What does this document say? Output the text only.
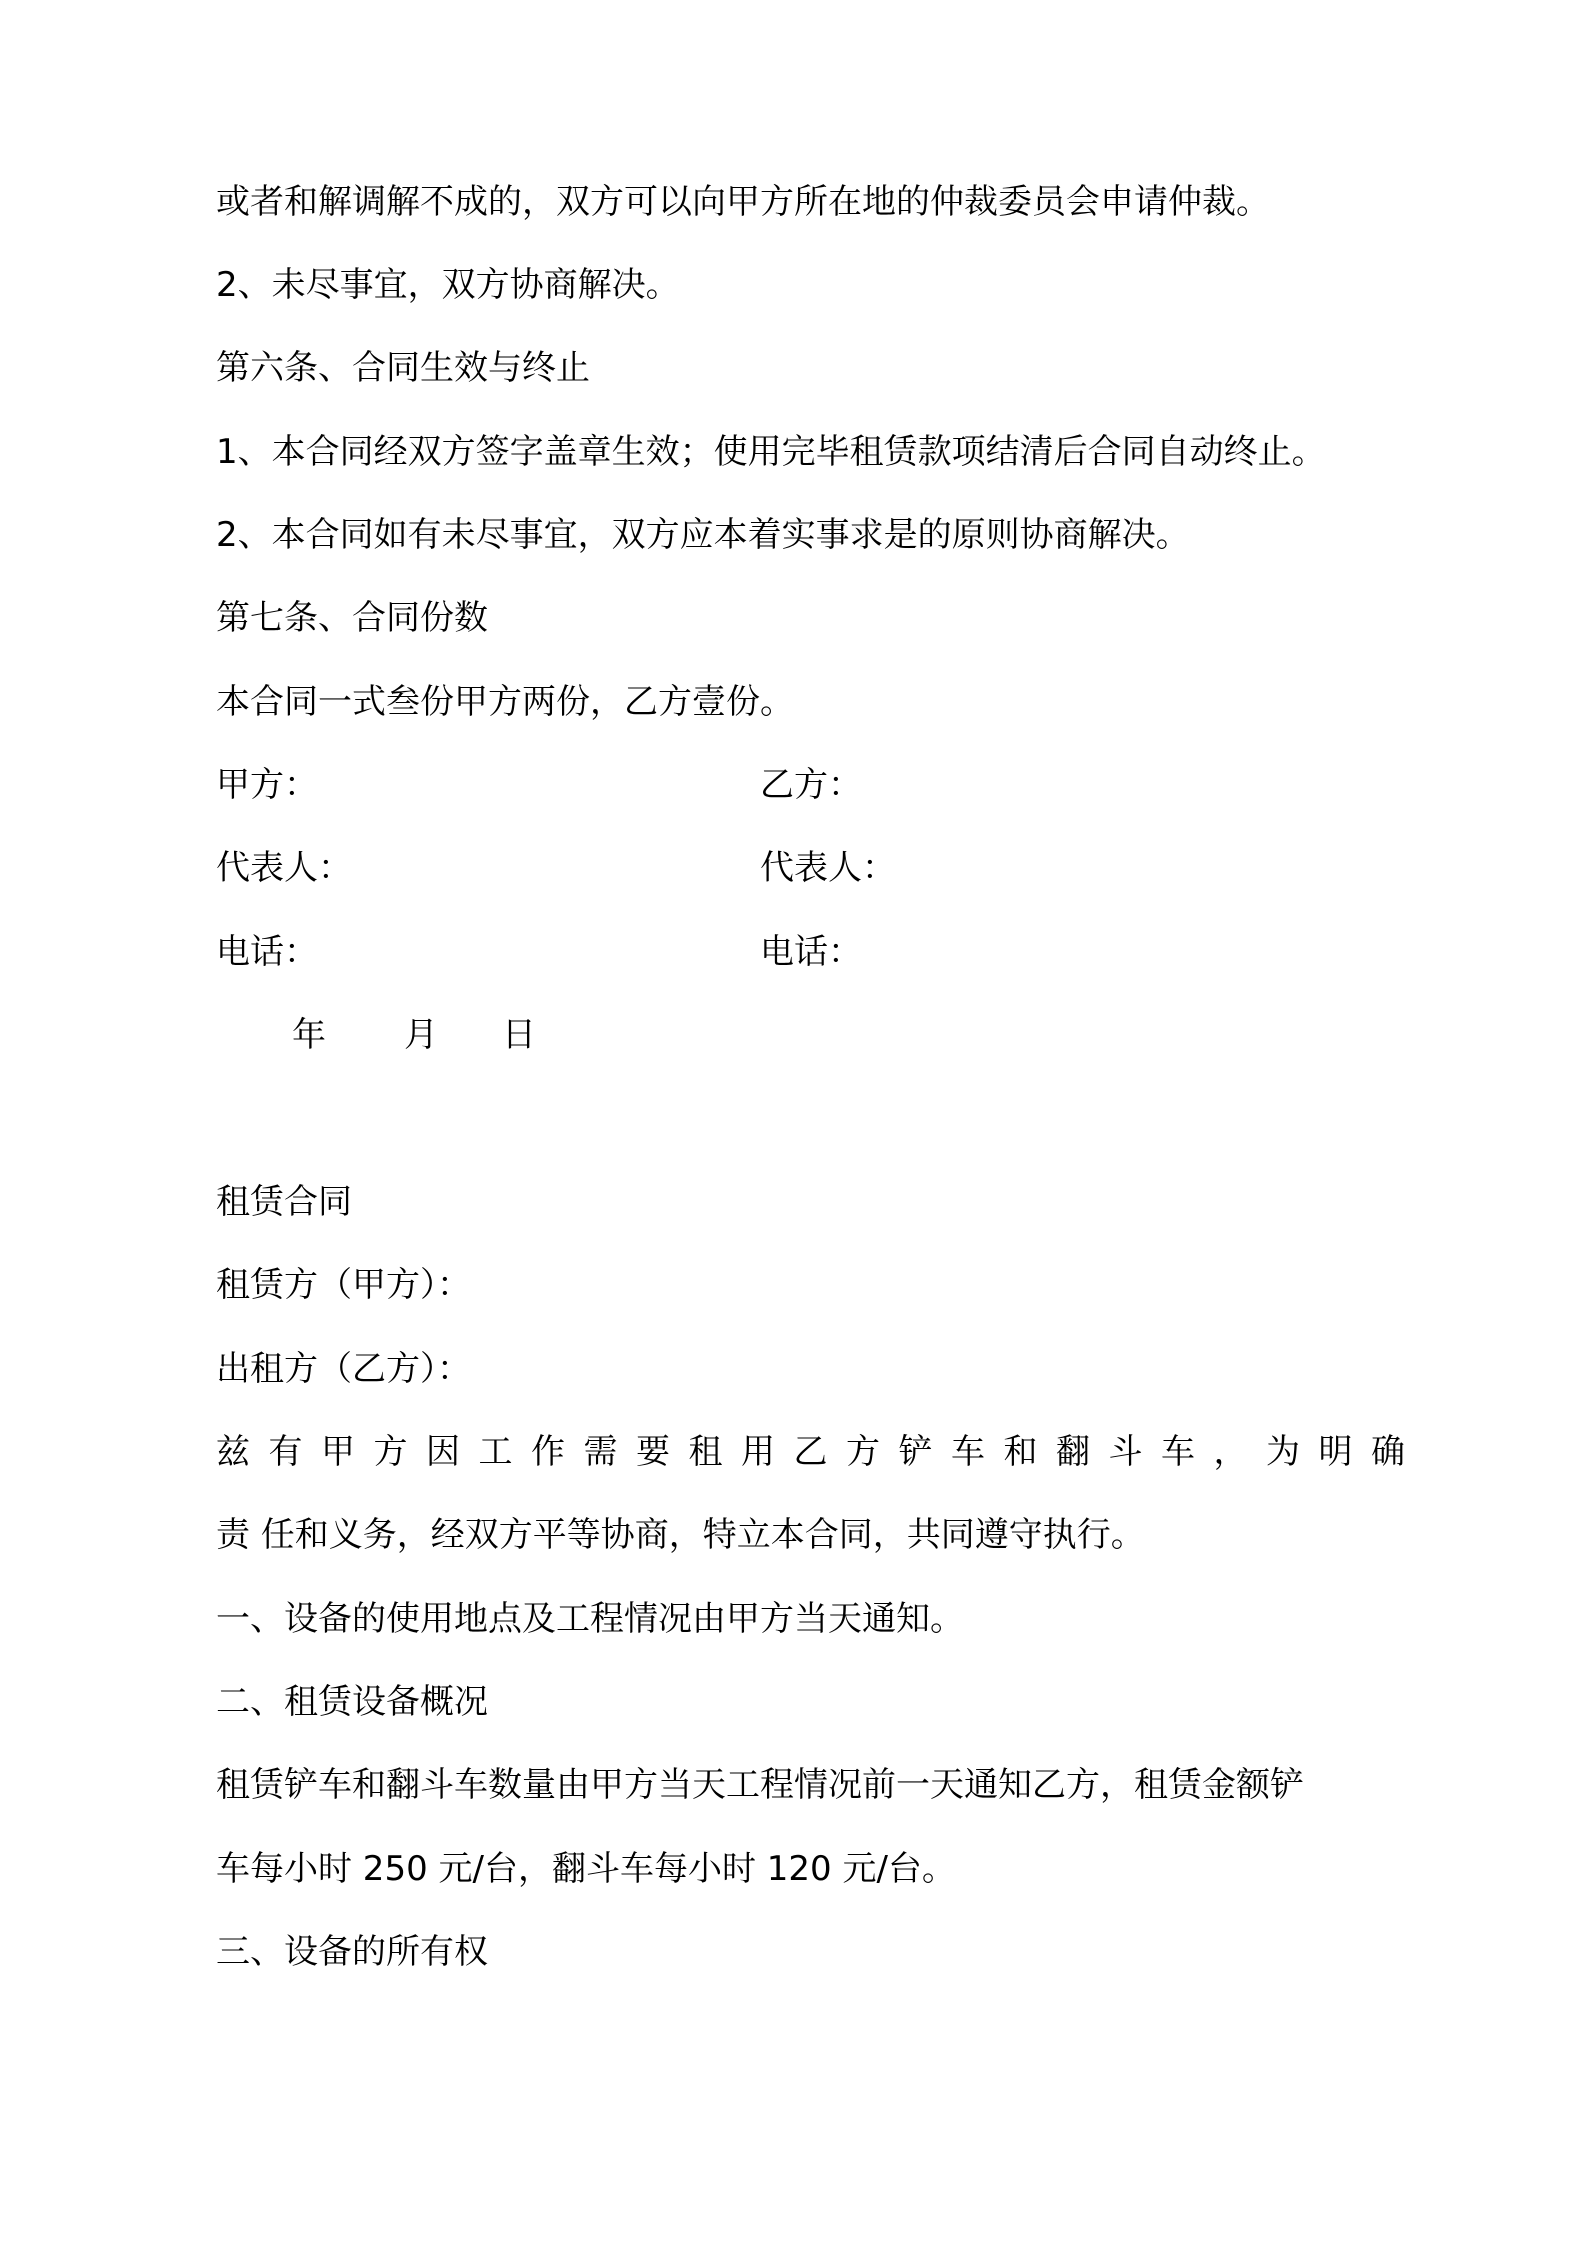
或者和解调解不成的，双方可以向甲方所在地的仲裁委员会申请仲裁。
2、未尽事宜，双方协商解决。
第六条、合同生效与终止
1、本合同经双方签字盖章生效；使用完毕租赁款项结清后合同自动终止。
2、本合同如有未尽事宜，双方应本着实事求是的原则协商解决。
第七条、合同份数
本合同一式叁份甲方两份，乙方壹份。
甲方：	乙方：
代表人：	代表人：
电话：	电话：
年 月 日
租赁合同
租赁方（甲方）：
出租方（乙方）：
兹有甲方因工作需要租用乙方铲车和翻斗车，为明确
责 任和义务，经双方平等协商，特立本合同，共同遵守执行。
一、设备的使用地点及工程情况由甲方当天通知。
二、租赁设备概况
租赁铲车和翻斗车数量由甲方当天工程情况前一天通知乙方，租赁金额铲
车每小时 250 元/台，翻斗车每小时 120 元/台。
三、设备的所有权
